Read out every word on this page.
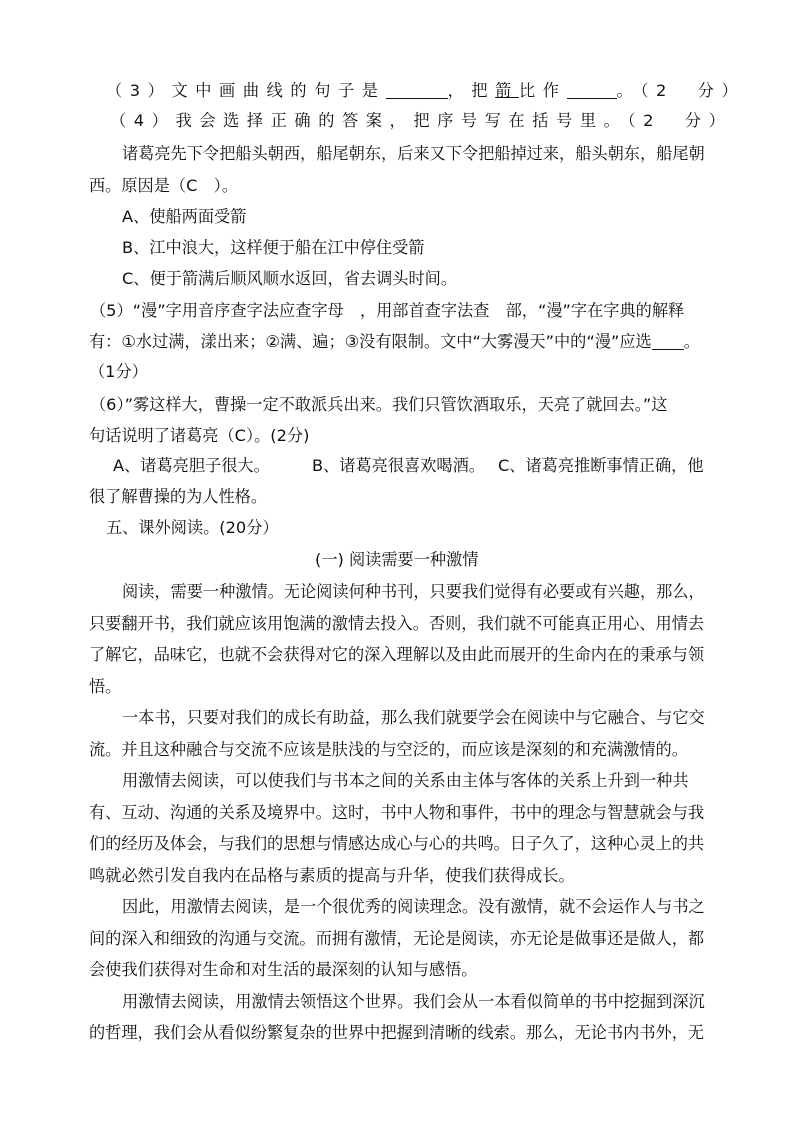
（3）文中画曲线的句子是	，把箭比作	。（2　分）
（4）我会选择正确的答案，把序号写在括号里。（2　分）
诸葛亮先下令把船头朝西，船尾朝东，后来又下令把船掉过来，船头朝东，船尾朝
西。原因是（C　）。
A、使船两面受箭
B、江中浪大，这样便于船在江中停住受箭
C、便于箭满后顺风顺水返回，省去调头时间。
（5）“漫”字用音序查字法应查字母　，用部首查字法查　部，“漫”字在字典的解释
有：①水过满，漾出来；②满、遍；③没有限制。文中“大雾漫天”中的“漫”应选 。
（1分）
（6）”雾这样大，曹操一定不敢派兵出来。我们只管饮酒取乐，天亮了就回去。”这
句话说明了诸葛亮（C）。(2分)
A、诸葛亮胆子很大。	B、诸葛亮很喜欢喝酒。 C、诸葛亮推断事情正确，他
很了解曹操的为人性格。
五、课外阅读。(20分）
(一) 阅读需要一种激情
阅读，需要一种激情。无论阅读何种书刊，只要我们觉得有必要或有兴趣，那么，
只要翻开书，我们就应该用饱满的激情去投入。否则，我们就不可能真正用心、用情去
了解它，品味它，也就不会获得对它的深入理解以及由此而展开的生命内在的秉承与领
悟。
一本书，只要对我们的成长有助益，那么我们就要学会在阅读中与它融合、与它交
流。并且这种融合与交流不应该是肤浅的与空泛的，而应该是深刻的和充满激情的。
用激情去阅读，可以使我们与书本之间的关系由主体与客体的关系上升到一种共
有、互动、沟通的关系及境界中。这时，书中人物和事件，书中的理念与智慧就会与我
们的经历及体会，与我们的思想与情感达成心与心的共鸣。日子久了，这种心灵上的共
鸣就必然引发自我内在品格与素质的提高与升华，使我们获得成长。
因此，用激情去阅读，是一个很优秀的阅读理念。没有激情，就不会运作人与书之
间的深入和细致的沟通与交流。而拥有激情，无论是阅读，亦无论是做事还是做人，都
会使我们获得对生命和对生活的最深刻的认知与感悟。
用激情去阅读，用激情去领悟这个世界。我们会从一本看似简单的书中挖掘到深沉
的哲理，我们会从看似纷繁复杂的世界中把握到清晰的线索。那么，无论书内书外，无
